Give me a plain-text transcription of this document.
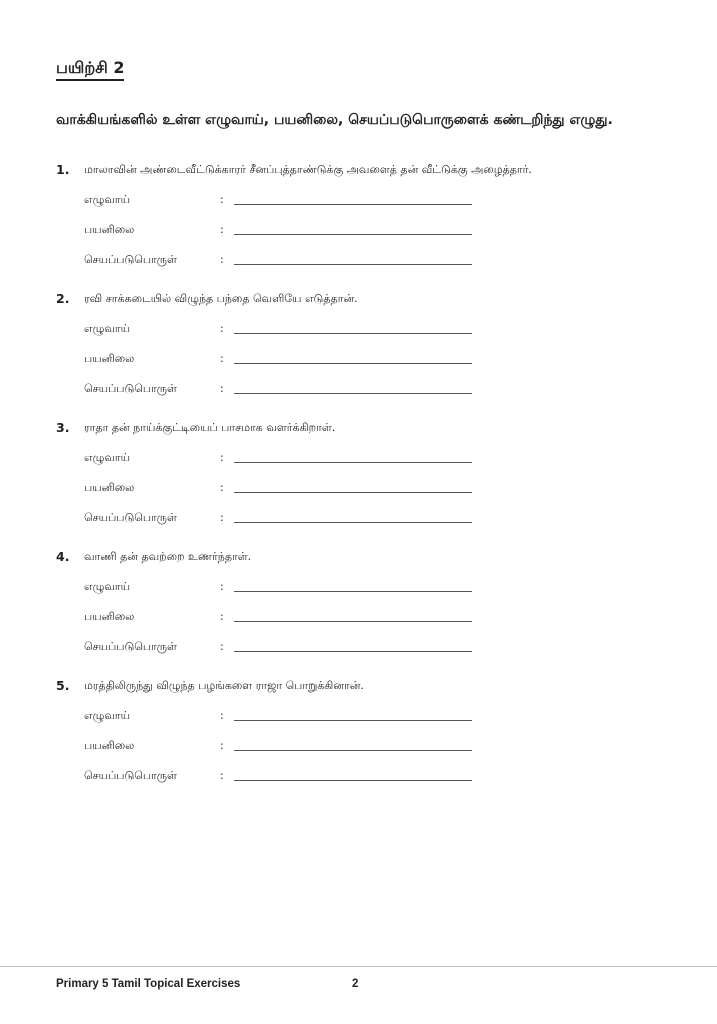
பயிற்சி 2
வாக்கியங்களில் உள்ள எழுவாய், பயனிலை, செயப்படுபொருளைக் கண்டறிந்து எழுது.
1.	மாலாவின் அண்டைவீட்டுக்காரர் சீனப்புத்தாண்டுக்கு அவளைத் தன் வீட்டுக்கு அழைத்தார்.
எழுவாய்	:
பயனிலை	:
செயப்படுபொருள்	:
2.	ரவி சாக்கடையில் விழுந்த பந்தை வெளியே எடுத்தான்.
எழுவாய்	:
பயனிலை	:
செயப்படுபொருள்	:
3.	ராதா தன் நாய்க்குட்டியைப் பாசமாக வளர்க்கிறாள்.
எழுவாய்	:
பயனிலை	:
செயப்படுபொருள்	:
4.	வாணி தன் தவற்றை உணர்ந்தாள்.
எழுவாய்	:
பயனிலை	:
செயப்படுபொருள்	:
5.	மரத்திலிருந்து விழுந்த பழங்களை ராஜா பொறுக்கினான்.
எழுவாய்	:
பயனிலை	:
செயப்படுபொருள்	:
Primary 5 Tamil Topical Exercises	2
